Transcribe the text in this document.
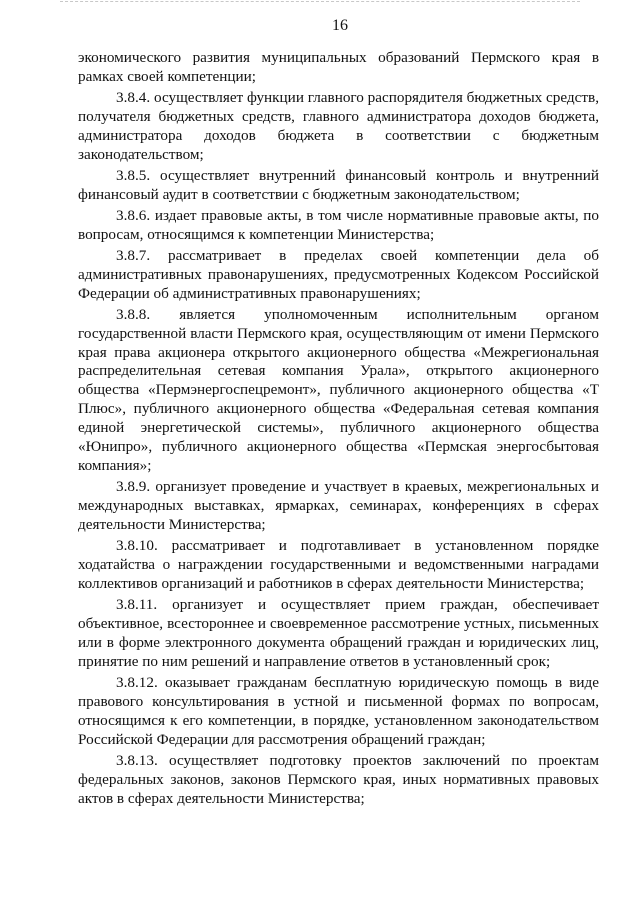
16

экономического развития муниципальных образований Пермского края в рамках своей компетенции;

3.8.4. осуществляет функции главного распорядителя бюджетных средств, получателя бюджетных средств, главного администратора доходов бюджета, администратора доходов бюджета в соответствии с бюджетным законодательством;

3.8.5. осуществляет внутренний финансовый контроль и внутренний финансовый аудит в соответствии с бюджетным законодательством;

3.8.6. издает правовые акты, в том числе нормативные правовые акты, по вопросам, относящимся к компетенции Министерства;

3.8.7. рассматривает в пределах своей компетенции дела об административных правонарушениях, предусмотренных Кодексом Российской Федерации об административных правонарушениях;

3.8.8. является уполномоченным исполнительным органом государственной власти Пермского края, осуществляющим от имени Пермского края права акционера открытого акционерного общества «Межрегиональная распределительная сетевая компания Урала», открытого акционерного общества «Пермэнергоспецремонт», публичного акционерного общества «Т Плюс», публичного акционерного общества «Федеральная сетевая компания единой энергетической системы», публичного акционерного общества «Юнипро», публичного акционерного общества «Пермская энергосбытовая компания»;

3.8.9. организует проведение и участвует в краевых, межрегиональных и международных выставках, ярмарках, семинарах, конференциях в сферах деятельности Министерства;

3.8.10. рассматривает и подготавливает в установленном порядке ходатайства о награждении государственными и ведомственными наградами коллективов организаций и работников в сферах деятельности Министерства;

3.8.11. организует и осуществляет прием граждан, обеспечивает объективное, всестороннее и своевременное рассмотрение устных, письменных или в форме электронного документа обращений граждан и юридических лиц, принятие по ним решений и направление ответов в установленный срок;

3.8.12. оказывает гражданам бесплатную юридическую помощь в виде правового консультирования в устной и письменной формах по вопросам, относящимся к его компетенции, в порядке, установленном законодательством Российской Федерации для рассмотрения обращений граждан;

3.8.13. осуществляет подготовку проектов заключений по проектам федеральных законов, законов Пермского края, иных нормативных правовых актов в сферах деятельности Министерства;
